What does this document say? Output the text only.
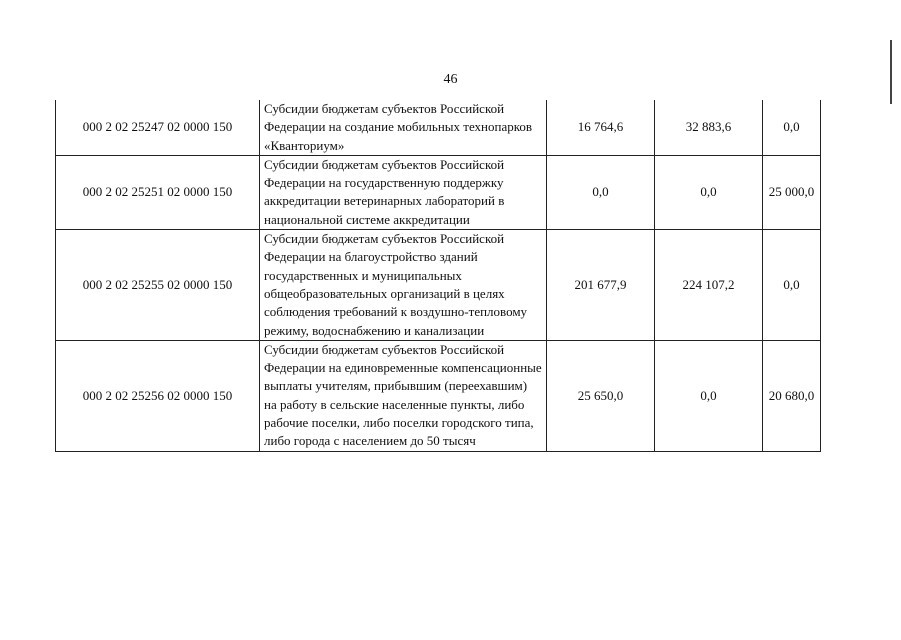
46
000 2 02 25247 02 0000 150	Субсидии бюджетам субъектов Российской Федерации на создание мобильных технопарков «Кванториум»	16 764,6	32 883,6	0,0
000 2 02 25251 02 0000 150	Субсидии бюджетам субъектов Российской Федерации на государственную поддержку аккредитации ветеринарных лабораторий в национальной системе аккредитации	0,0	0,0	25 000,0
000 2 02 25255 02 0000 150	Субсидии бюджетам субъектов Российской Федерации на благоустройство зданий государственных и муниципальных общеобразовательных организаций в целях соблюдения требований к воздушно-тепловому режиму, водоснабжению и канализации	201 677,9	224 107,2	0,0
000 2 02 25256 02 0000 150	Субсидии бюджетам субъектов Российской Федерации на единовременные компенсационные выплаты учителям, прибывшим (переехавшим) на работу в сельские населенные пункты, либо рабочие поселки, либо поселки городского типа, либо города с населением до 50 тысяч	25 650,0	0,0	20 680,0
